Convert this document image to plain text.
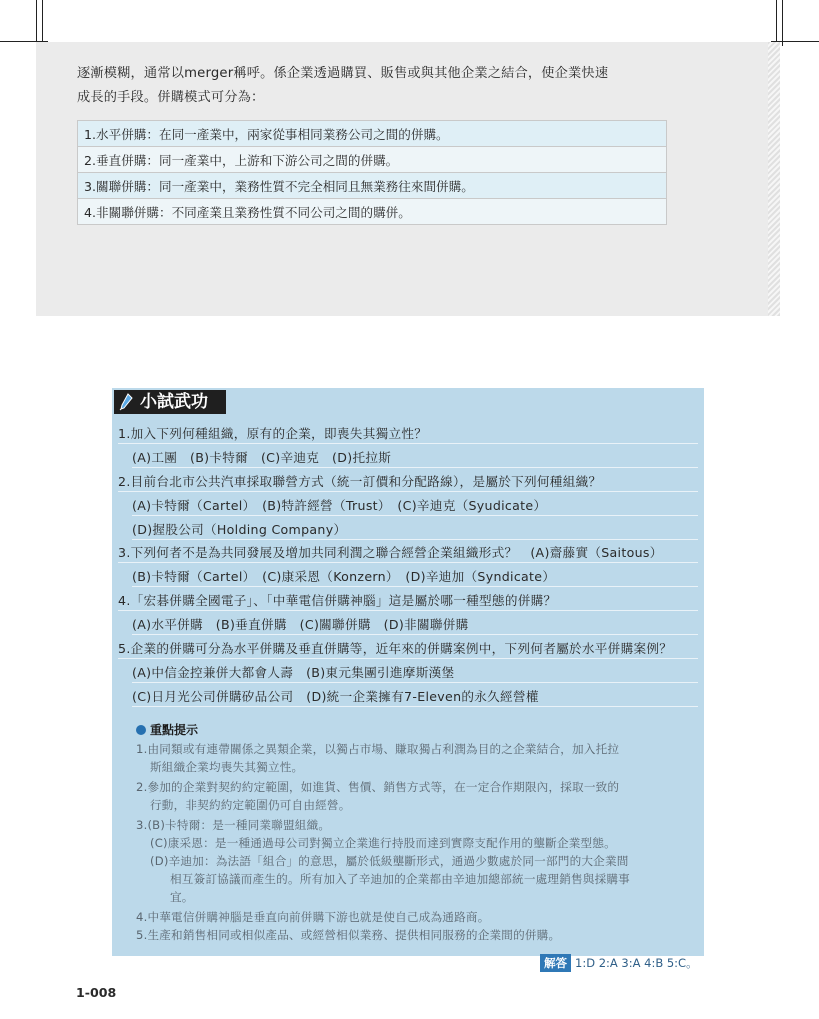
逐漸模糊，通常以merger稱呼。係企業透過購買、販售或與其他企業之結合，使企業快速
成長的手段。併購模式可分為：
1.水平併購：在同一產業中，兩家從事相同業務公司之間的併購。
2.垂直併購：同一產業中，上游和下游公司之間的併購。
3.關聯併購：同一產業中，業務性質不完全相同且無業務往來間併購。
4.非關聯併購：不同產業且業務性質不同公司之間的購併。
小試武功
1.加入下列何種組織，原有的企業，即喪失其獨立性？
(A)工團　(B)卡特爾　(C)辛迪克　(D)托拉斯
2.目前台北市公共汽車採取聯營方式（統一訂價和分配路線），是屬於下列何種組織？
(A)卡特爾（Cartel）　(B)特許經營（Trust）　(C)辛迪克（Syudicate）
(D)握股公司（Holding Company）
3.下列何者不是為共同發展及增加共同利潤之聯合經營企業組織形式？　(A)齋藤實（Saitous）
(B)卡特爾（Cartel）　(C)康采恩（Konzern）　(D)辛迪加（Syndicate）
4.「宏碁併購全國電子」、「中華電信併購神腦」這是屬於哪一種型態的併購？
(A)水平併購　(B)垂直併購　(C)關聯併購　(D)非關聯併購
5.企業的併購可分為水平併購及垂直併購等，近年來的併購案例中，下列何者屬於水平併購案例？
(A)中信金控兼併大都會人壽　(B)東元集團引進摩斯漢堡
(C)日月光公司併購矽品公司　(D)統一企業擁有7-Eleven的永久經營權
重點提示
1.由同類或有連帶關係之異類企業，以獨占市場、賺取獨占利潤為目的之企業結合，加入托拉
斯組織企業均喪失其獨立性。
2.參加的企業對契約約定範圍，如進貨、售價、銷售方式等，在一定合作期限內，採取一致的
行動，非契約約定範圍仍可自由經營。
3.(B)卡特爾：是一種同業聯盟組織。
(C)康采恩：是一種通過母公司對獨立企業進行持股而達到實際支配作用的壟斷企業型態。
(D)辛迪加：為法語「組合」的意思，屬於低級壟斷形式，通過少數處於同一部門的大企業間
相互簽訂協議而產生的。所有加入了辛迪加的企業都由辛迪加總部統一處理銷售與採購事
宜。
4.中華電信併購神腦是垂直向前併購下游也就是使自己成為通路商。
5.生產和銷售相同或相似產品、或經營相似業務、提供相同服務的企業間的併購。
解答 1:D 2:A 3:A 4:B 5:C。
1-008
